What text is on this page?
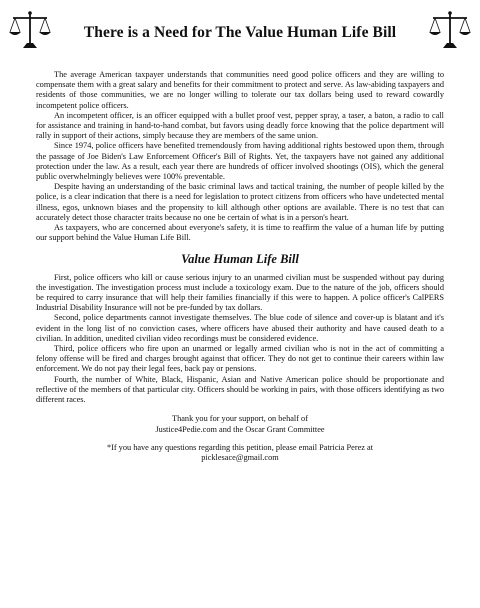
There is a Need for The Value Human Life Bill

The average American taxpayer understands that communities need good police officers and they are willing to compensate them with a great salary and benefits for their commitment to protect and serve. As law-abiding taxpayers and residents of those communities, we are no longer willing to tolerate our tax dollars being used to reward cowardly incompetent police officers.

An incompetent officer, is an officer equipped with a bullet proof vest, pepper spray, a taser, a baton, a radio to call for assistance and training in hand-to-hand combat, but favors using deadly force knowing that the police department will rally in support of their actions, simply because they are members of the same union.

Since 1974, police officers have benefited tremendously from having additional rights bestowed upon them, through the passage of Joe Biden's Law Enforcement Officer's Bill of Rights. Yet, the taxpayers have not gained any additional protection under the law. As a result, each year there are hundreds of officer involved shootings (OIS), which the general public overwhelmingly believes were 100% preventable.

Despite having an understanding of the basic criminal laws and tactical training, the number of people killed by the police, is a clear indication that there is a need for legislation to protect citizens from officers who have undetected mental illness, egos, unknown biases and the propensity to kill although other options are available. There is no test that can accurately detect those character traits because no one be certain of what is in a person's heart.

As taxpayers, who are concerned about everyone's safety, it is time to reaffirm the value of a human life by putting our support behind the Value Human Life Bill.

Value Human Life Bill

First, police officers who kill or cause serious injury to an unarmed civilian must be suspended without pay during the investigation. The investigation process must include a toxicology exam. Due to the nature of the job, officers should be required to carry insurance that will help their families financially if this were to happen. A police officer's CalPERS Industrial Disability Insurance will not be pre-funded by tax dollars.

Second, police departments cannot investigate themselves. The blue code of silence and cover-up is blatant and it's evident in the long list of no conviction cases, where officers have abused their authority and have caused death to a civilian. In addition, unedited civilian video recordings must be considered evidence.

Third, police officers who fire upon an unarmed or legally armed civilian who is not in the act of committing a felony offense will be fired and charges brought against that officer. They do not get to continue their careers within law enforcement. We do not pay their legal fees, back pay or pensions.

Fourth, the number of White, Black, Hispanic, Asian and Native American police should be proportionate and reflective of the members of that particular city. Officers should be working in pairs, with those officers identifying as two different races.

Thank you for your support, on behalf of
Justice4Pedie.com and the Oscar Grant Committee
*If you have any questions regarding this petition, please email Patricia Perez at
picklesace@gmail.com
